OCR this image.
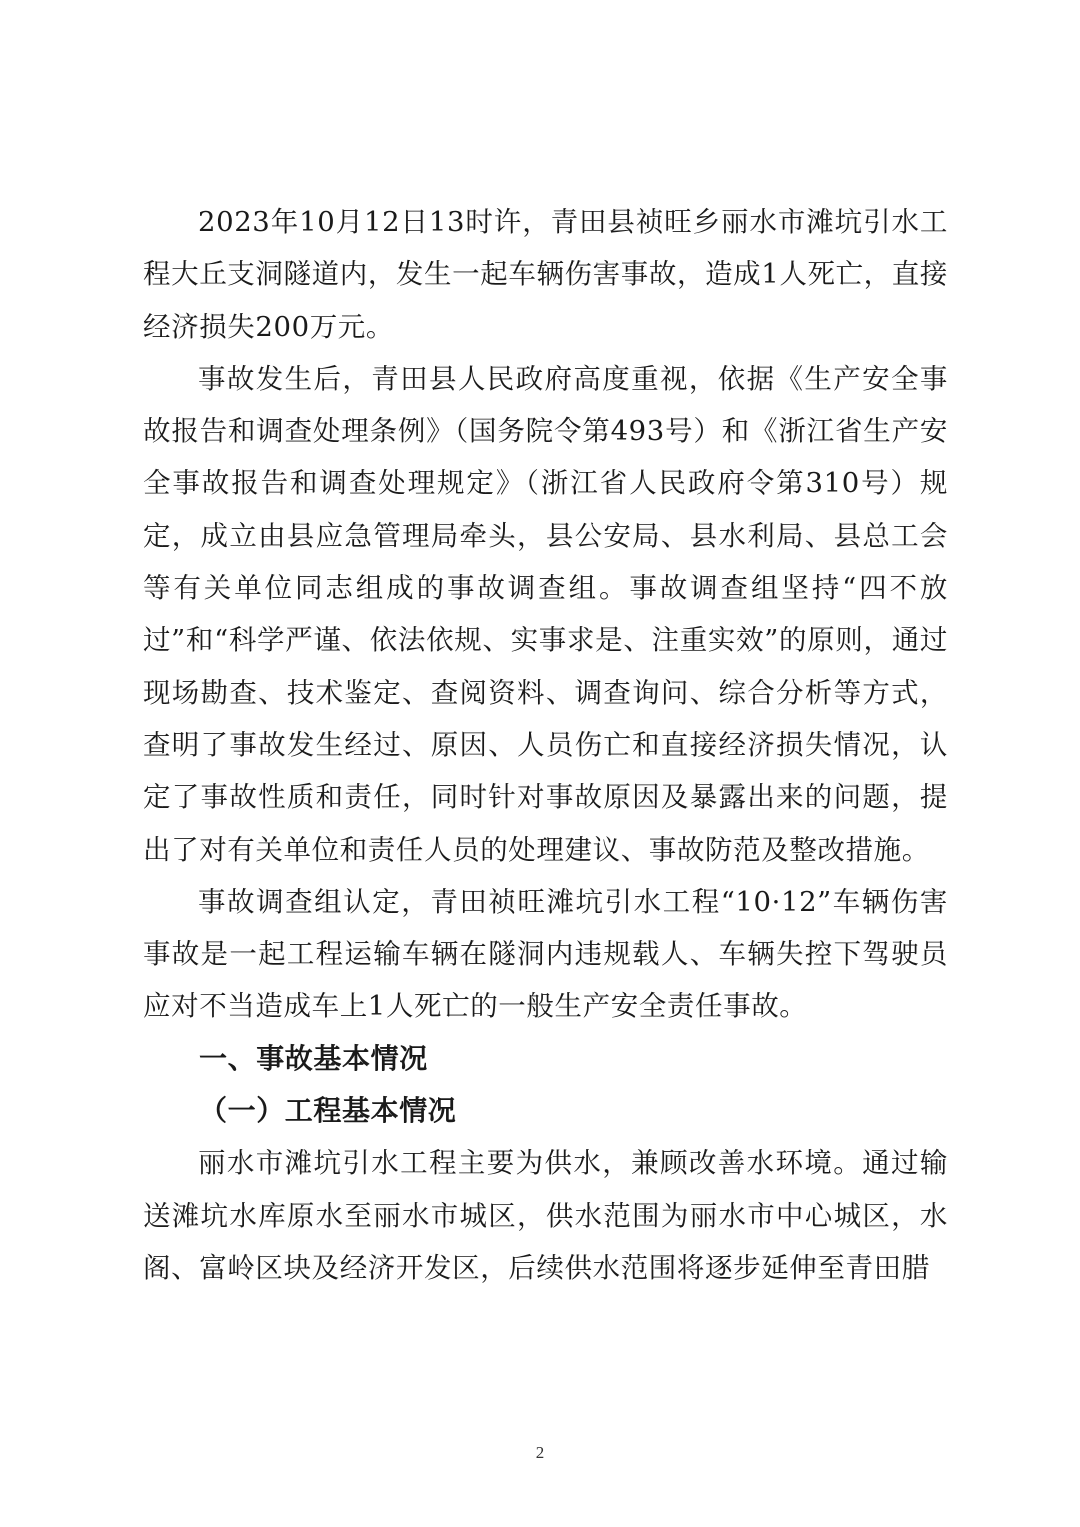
2023年10月12日13时许，青田县祯旺乡丽水市滩坑引水工程大丘支洞隧道内，发生一起车辆伤害事故，造成1人死亡，直接经济损失200万元。

事故发生后，青田县人民政府高度重视，依据《生产安全事故报告和调查处理条例》（国务院令第493号）和《浙江省生产安全事故报告和调查处理规定》（浙江省人民政府令第310号）规定，成立由县应急管理局牵头，县公安局、县水利局、县总工会等有关单位同志组成的事故调查组。事故调查组坚持“四不放过”和“科学严谨、依法依规、实事求是、注重实效”的原则，通过现场勘查、技术鉴定、查阅资料、调查询问、综合分析等方式，查明了事故发生经过、原因、人员伤亡和直接经济损失情况，认定了事故性质和责任，同时针对事故原因及暴露出来的问题，提出了对有关单位和责任人员的处理建议、事故防范及整改措施。

事故调查组认定，青田祯旺滩坑引水工程“10·12”车辆伤害事故是一起工程运输车辆在隧洞内违规载人、车辆失控下驾驶员应对不当造成车上1人死亡的一般生产安全责任事故。

一、事故基本情况

（一）工程基本情况

丽水市滩坑引水工程主要为供水，兼顾改善水环境。通过输送滩坑水库原水至丽水市城区，供水范围为丽水市中心城区，水阁、富岭区块及经济开发区，后续供水范围将逐步延伸至青田腊

2
